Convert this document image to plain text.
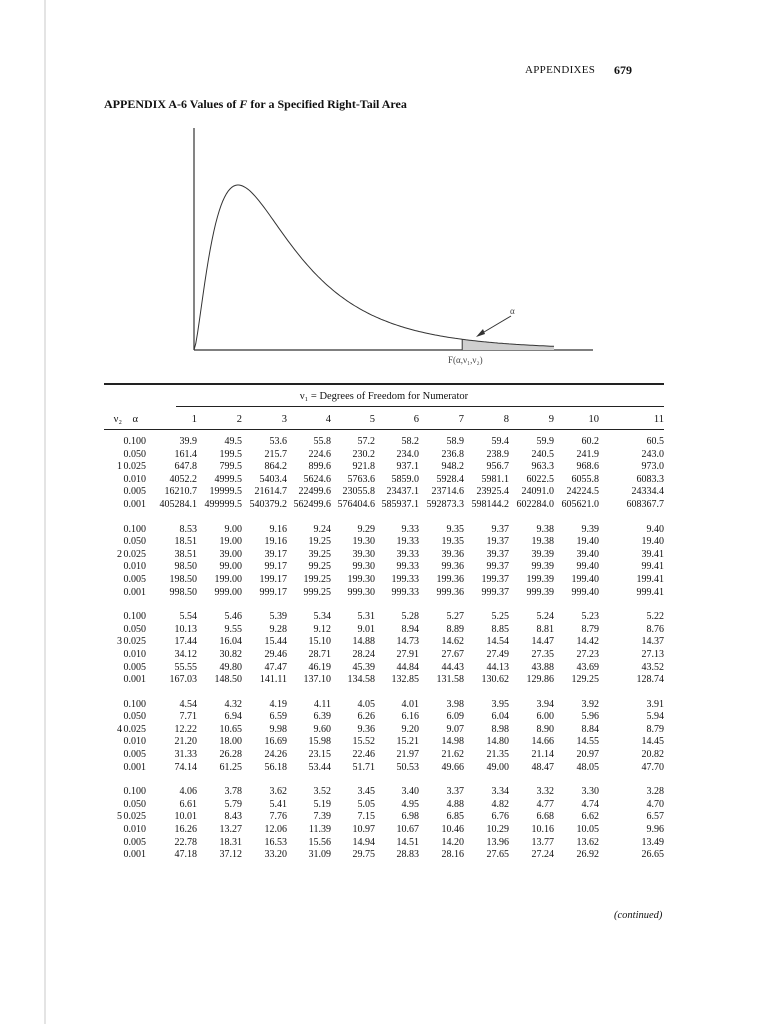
APPENDIXES 679
APPENDIX A-6 Values of F for a Specified Right-Tail Area
α
F(α,ν₁,ν₂)
ν₁ = Degrees of Freedom for Numerator
ν₂ α	1	2	3	4	5	6	7	8	9	10	11
0.100	39.9	49.5	53.6	55.8	57.2	58.2	58.9	59.4	59.9	60.2	60.5
0.050	161.4	199.5	215.7	224.6	230.2	234.0	236.8	238.9	240.5	241.9	243.0
1 0.025	647.8	799.5	864.2	899.6	921.8	937.1	948.2	956.7	963.3	968.6	973.0
0.010	4052.2	4999.5	5403.4	5624.6	5763.6	5859.0	5928.4	5981.1	6022.5	6055.8	6083.3
0.005	16210.7	19999.5	21614.7	22499.6	23055.8	23437.1	23714.6	23925.4	24091.0	24224.5	24334.4
0.001	405284.1 499999.5 540379.2 562499.6 576404.6 585937.1 592873.3 598144.2 602284.0 605621.0	608367.7
0.100	8.53	9.00	9.16	9.24	9.29	9.33	9.35	9.37	9.38	9.39	9.40
0.050	18.51	19.00	19.16	19.25	19.30	19.33	19.35	19.37	19.38	19.40	19.40
2 0.025	38.51	39.00	39.17	39.25	39.30	39.33	39.36	39.37	39.39	39.40	39.41
0.010	98.50	99.00	99.17	99.25	99.30	99.33	99.36	99.37	99.39	99.40	99.41
0.005	198.50	199.00	199.17	199.25	199.30	199.33	199.36	199.37	199.39	199.40	199.41
0.001	998.50	999.00	999.17	999.25	999.30	999.33	999.36	999.37	999.39	999.40	999.41
0.100	5.54	5.46	5.39	5.34	5.31	5.28	5.27	5.25	5.24	5.23	5.22
0.050	10.13	9.55	9.28	9.12	9.01	8.94	8.89	8.85	8.81	8.79	8.76
3 0.025	17.44	16.04	15.44	15.10	14.88	14.73	14.62	14.54	14.47	14.42	14.37
0.010	34.12	30.82	29.46	28.71	28.24	27.91	27.67	27.49	27.35	27.23	27.13
0.005	55.55	49.80	47.47	46.19	45.39	44.84	44.43	44.13	43.88	43.69	43.52
0.001	167.03	148.50	141.11	137.10	134.58	132.85	131.58	130.62	129.86	129.25	128.74
0.100	4.54	4.32	4.19	4.11	4.05	4.01	3.98	3.95	3.94	3.92	3.91
0.050	7.71	6.94	6.59	6.39	6.26	6.16	6.09	6.04	6.00	5.96	5.94
4 0.025	12.22	10.65	9.98	9.60	9.36	9.20	9.07	8.98	8.90	8.84	8.79
0.010	21.20	18.00	16.69	15.98	15.52	15.21	14.98	14.80	14.66	14.55	14.45
0.005	31.33	26.28	24.26	23.15	22.46	21.97	21.62	21.35	21.14	20.97	20.82
0.001	74.14	61.25	56.18	53.44	51.71	50.53	49.66	49.00	48.47	48.05	47.70
0.100	4.06	3.78	3.62	3.52	3.45	3.40	3.37	3.34	3.32	3.30	3.28
0.050	6.61	5.79	5.41	5.19	5.05	4.95	4.88	4.82	4.77	4.74	4.70
5 0.025	10.01	8.43	7.76	7.39	7.15	6.98	6.85	6.76	6.68	6.62	6.57
0.010	16.26	13.27	12.06	11.39	10.97	10.67	10.46	10.29	10.16	10.05	9.96
0.005	22.78	18.31	16.53	15.56	14.94	14.51	14.20	13.96	13.77	13.62	13.49
0.001	47.18	37.12	33.20	31.09	29.75	28.83	28.16	27.65	27.24	26.92	26.65
(continued)
